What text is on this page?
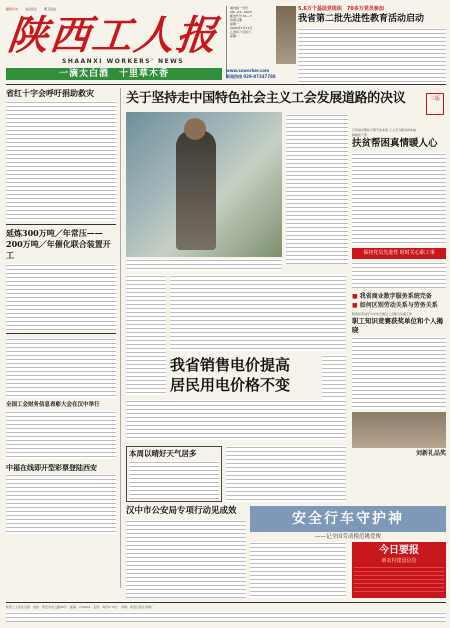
翻阅历史 关注民生 理卫权益
陕西工人报
SHAANXI WORKERS' NEWS
一滴太白酒　十里草木香
国内统一刊号
CN—61—0015
邮发代号 51—7
每周五期
星期一
2005年7月11日
乙酉年六月初六
星期一
www.sxworker.com
新闻热线 029-87337788
5.6万个基层党组织　70多万党员参加
我省第二批先进性教育活动启动
省红十字会呼吁捐助救灾
延炼300万吨／年常压——
200万吨／年催化联合装置开工
全国工会财务信息表彰大会在汉中举行
中福在线即开型彩票登陆西安
关于坚持走中国特色社会主义工会发展道路的决议	三版
只有结对帮扶干部不舍本领 工人无分配家庭本地
韩城老干部
扶贫帮困真情暖人心
保持党员先进性 时时关心职工事
■ 我省商业数字服务系统完备
■ 如何区别劳动关系与劳务关系
我省销售电价提高
居民用电价格不变
陕西省劳动厅与中华全国总工会联合从事工作
职工知识竞赛获奖单位和个人揭晓
刘新礼品奖
本周以晴好天气居多
汉中市公安局专项行动见成效	安全行车守护神
——记全国劳动模范姚爱俊
今日要报
新农村建设信息
陕西工人报社出版　地址：西安市东五路26号　邮编：710004　定价：每份0.70元　印刷：陕西日报社印刷厂
